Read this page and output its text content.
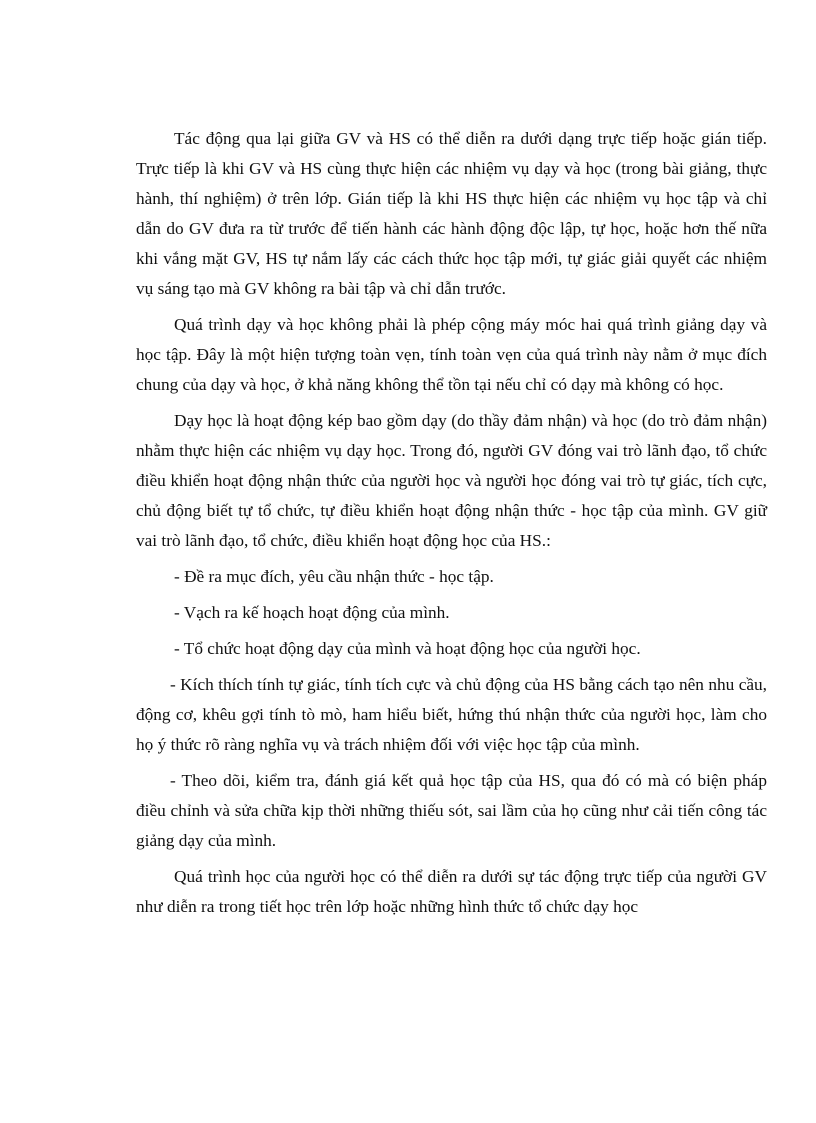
Tác động qua lại giữa GV và HS có thể diễn ra dưới dạng trực tiếp hoặc gián tiếp. Trực tiếp là khi GV và HS cùng thực hiện các nhiệm vụ dạy và học (trong bài giảng, thực hành, thí nghiệm) ở trên lớp. Gián tiếp là khi HS thực hiện các nhiệm vụ học tập và chỉ dẫn do GV đưa ra từ trước để tiến hành các hành động độc lập, tự học, hoặc hơn thế nữa khi vắng mặt GV, HS tự nắm lấy các cách thức học tập mới, tự giác giải quyết các nhiệm vụ sáng tạo mà GV không ra bài tập và chỉ dẫn trước.

Quá trình dạy và học không phải là phép cộng máy móc hai quá trình giảng dạy và học tập. Đây là một hiện tượng toàn vẹn, tính toàn vẹn của quá trình này nằm ở mục đích chung của dạy và học, ở khả năng không thể tồn tại nếu chỉ có dạy mà không có học.

Dạy học là hoạt động kép bao gồm dạy (do thầy đảm nhận) và học (do trò đảm nhận) nhằm thực hiện các nhiệm vụ dạy học. Trong đó, người GV đóng vai trò lãnh đạo, tổ chức điều khiển hoạt động nhận thức của người học và người học đóng vai trò tự giác, tích cực, chủ động biết tự tổ chức, tự điều khiển hoạt động nhận thức - học tập của mình. GV giữ vai trò lãnh đạo, tổ chức, điều khiển hoạt động học của HS.:

- Đề ra mục đích, yêu cầu nhận thức - học tập.

- Vạch ra kế hoạch hoạt động của mình.

- Tổ chức hoạt động dạy của mình và hoạt động học của người học.

- Kích thích tính tự giác, tính tích cực và chủ động của HS bằng cách tạo nên nhu cầu, động cơ, khêu gợi tính tò mò, ham hiểu biết, hứng thú nhận thức của người học, làm cho họ ý thức rõ ràng nghĩa vụ và trách nhiệm đối với việc học tập của mình.

- Theo dõi, kiểm tra, đánh giá kết quả học tập của HS, qua đó có mà có biện pháp điều chỉnh và sửa chữa kịp thời những thiếu sót, sai lầm của họ cũng như cải tiến công tác giảng dạy của mình.

Quá trình học của người học có thể diễn ra dưới sự tác động trực tiếp của người GV như diễn ra trong tiết học trên lớp hoặc những hình thức tổ chức dạy học
